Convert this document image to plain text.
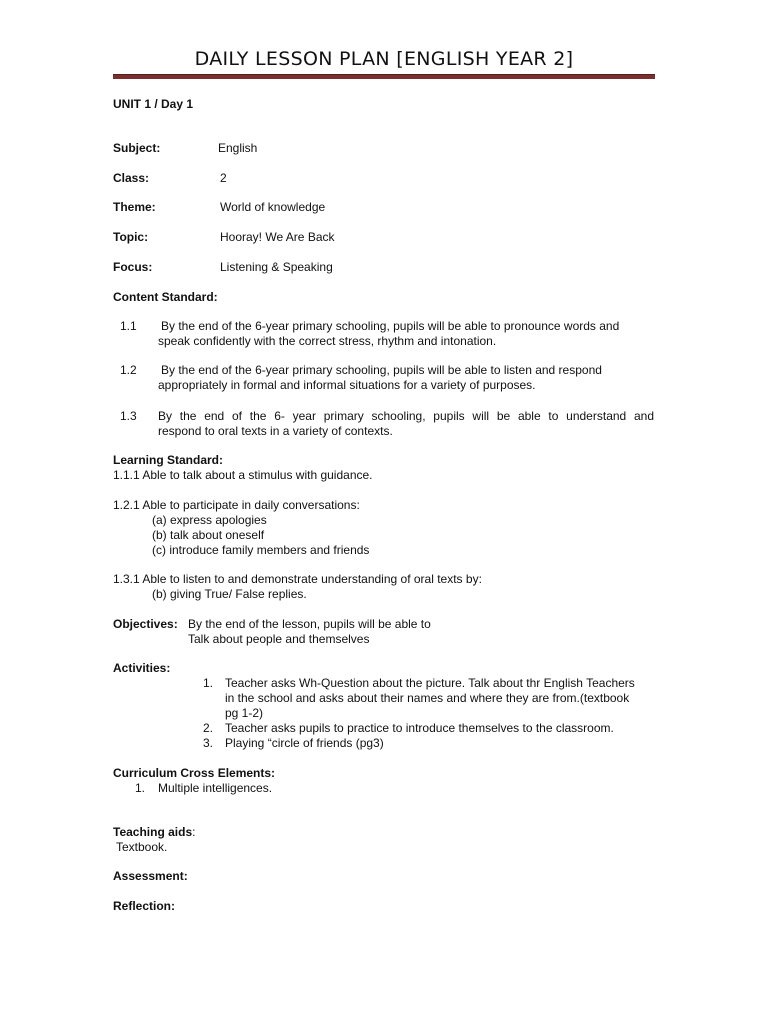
DAILY LESSON PLAN [ENGLISH YEAR 2]
UNIT 1 / Day 1
Subject:	English
Class:	2
Theme:	World of knowledge
Topic:	Hooray! We Are Back
Focus:	Listening & Speaking
Content Standard:
1.1	By the end of the 6-year primary schooling, pupils will be able to pronounce words and
speak confidently with the correct stress, rhythm and intonation.
1.2	By the end of the 6-year primary schooling, pupils will be able to listen and respond
appropriately in formal and informal situations for a variety of purposes.
1.3	By the end of the 6- year primary schooling, pupils will be able to understand and
respond to oral texts in a variety of contexts.
Learning Standard:
1.1.1 Able to talk about a stimulus with guidance.
1.2.1 Able to participate in daily conversations:
(a) express apologies
(b) talk about oneself
(c) introduce family members and friends
1.3.1 Able to listen to and demonstrate understanding of oral texts by:
(b) giving True/ False replies.
Objectives: By the end of the lesson, pupils will be able to
Talk about people and themselves
Activities:
1. Teacher asks Wh-Question about the picture. Talk about thr English Teachers
in the school and asks about their names and where they are from.(textbook
pg 1-2)
2. Teacher asks pupils to practice to introduce themselves to the classroom.
3. Playing “circle of friends (pg3)
Curriculum Cross Elements:
1. Multiple intelligences.
Teaching aids:
Textbook.
Assessment:
Reflection:
